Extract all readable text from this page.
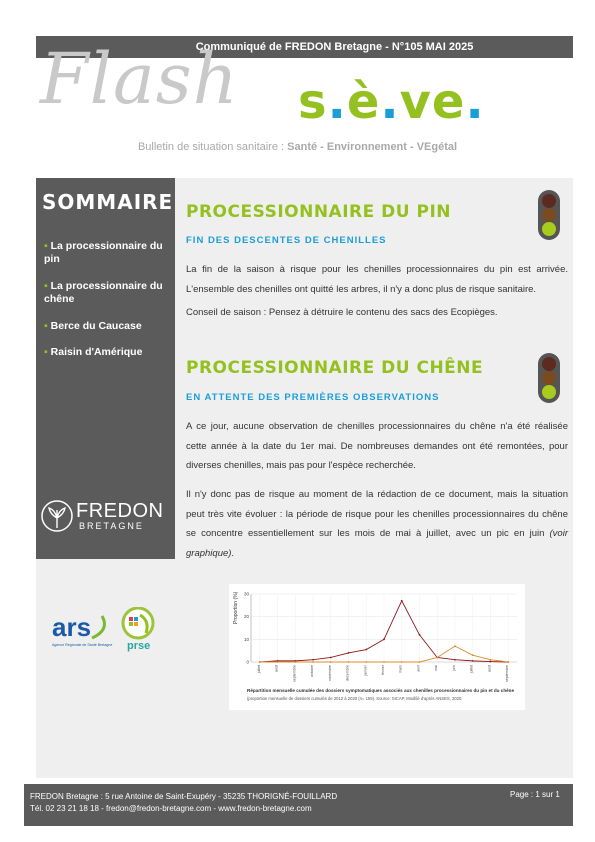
Communiqué de FREDON Bretagne - N°105 MAI 2025
Flash s.è.ve.
Bulletin de situation sanitaire : Santé - Environnement - VEgétal
SOMMAIRE
▪ La processionnaire du pin
▪ La processionnaire du chêne
▪ Berce du Caucase
▪ Raisin d'Amérique
FREDON
BRETAGNE
PROCESSIONNAIRE DU PIN
FIN DES DESCENTES DE CHENILLES
La fin de la saison à risque pour les chenilles processionnaires du pin est arrivée. L'ensemble des chenilles ont quitté les arbres, il n'y a donc plus de risque sanitaire.
Conseil de saison : Pensez à détruire le contenu des sacs des Ecopièges.
PROCESSIONNAIRE DU CHÊNE
EN ATTENTE DES PREMIÈRES OBSERVATIONS
A ce jour, aucune observation de chenilles processionnaires du chêne n'a été réalisée cette année à la date du 1er mai. De nombreuses demandes ont été remontées, pour diverses chenilles, mais pas pour l'espèce recherchée.
Il n'y donc pas de risque au moment de la rédaction de ce document, mais la situation peut très vite évoluer : la période de risque pour les chenilles processionnaires du chêne se concentre essentiellement sur les mois de mai à juillet, avec un pic en juin (voir graphique).
0
10
20
30
juillet	août	septembre	octobre	novembre	décembre	janvier	février	mars	avril	mai	juin	juillet	août	septembre
Proportion (%)
Répartition mensuelle cumulée des dossiers symptomatiques associés aux chenilles processionnaires du pin et du chêne
(proportion mensuelle de dossiers cumulés de 2012 à 2020 (n= 159). Source: SICAP, Modifié d'après ANSES, 2020.
ars
Agence Régionale de Santé Bretagne prse
FREDON Bretagne : 5 rue Antoine de Saint-Exupéry - 35235 THORIGNÉ-FOUILLARD
Tél. 02 23 21 18 18 - fredon@fredon-bretagne.com - www.fredon-bretagne.com
Page : 1 sur 1
